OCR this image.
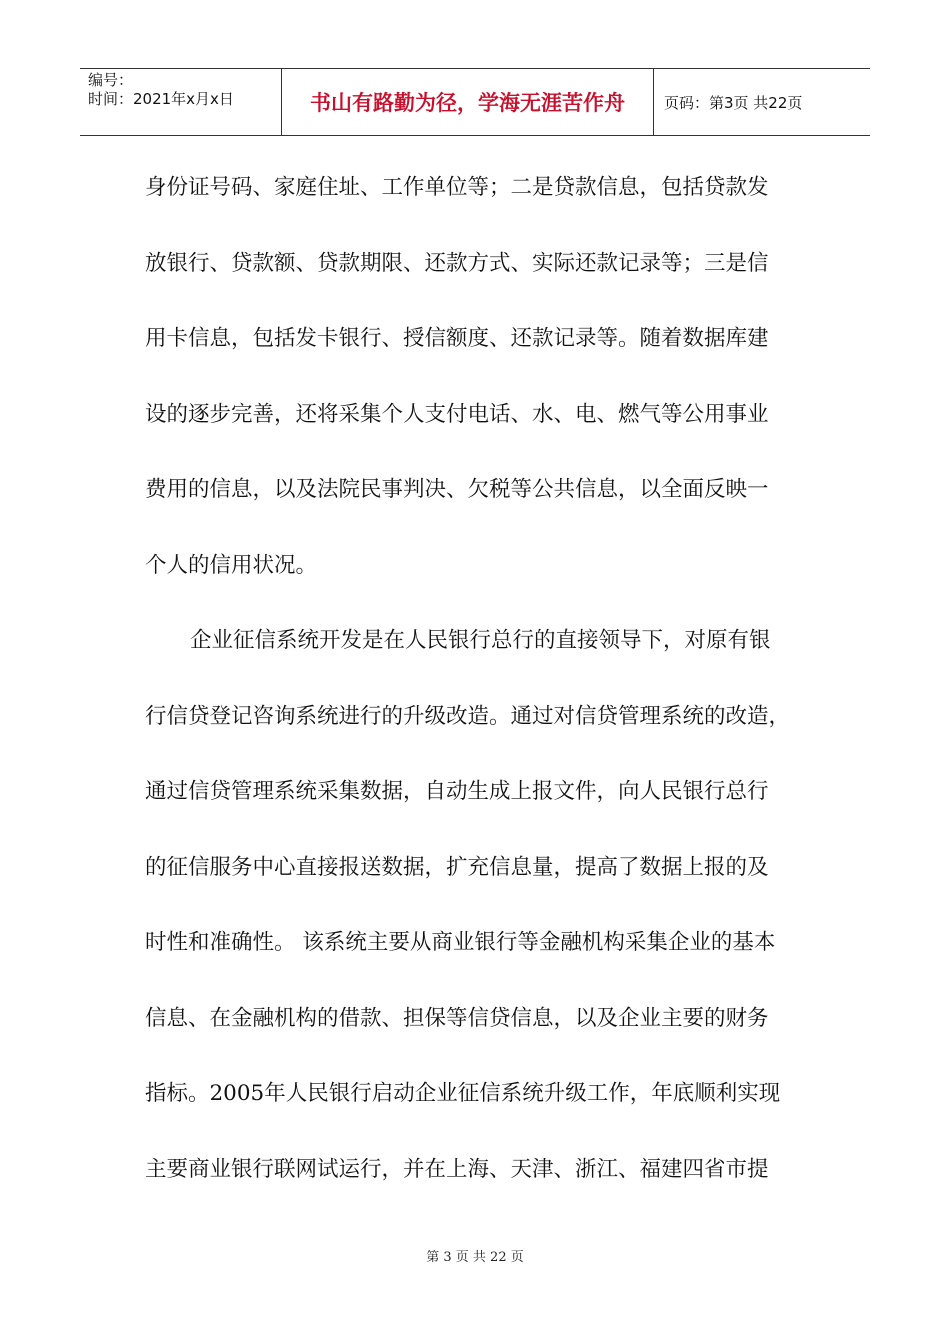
编号：
时间：2021年x月x日	书山有路勤为径，学海无涯苦作舟	页码：第3页 共22页
身份证号码、家庭住址、工作单位等；二是贷款信息，包括贷款发
放银行、贷款额、贷款期限、还款方式、实际还款记录等；三是信
用卡信息，包括发卡银行、授信额度、还款记录等。随着数据库建
设的逐步完善，还将采集个人支付电话、水、电、燃气等公用事业
费用的信息，以及法院民事判决、欠税等公共信息，以全面反映一
个人的信用状况。
企业征信系统开发是在人民银行总行的直接领导下，对原有银
行信贷登记咨询系统进行的升级改造。通过对信贷管理系统的改造，
通过信贷管理系统采集数据，自动生成上报文件，向人民银行总行
的征信服务中心直接报送数据，扩充信息量，提高了数据上报的及
时性和准确性。 该系统主要从商业银行等金融机构采集企业的基本
信息、在金融机构的借款、担保等信贷信息，以及企业主要的财务
指标。2005年人民银行启动企业征信系统升级工作，年底顺利实现
主要商业银行联网试运行，并在上海、天津、浙江、福建四省市提
第 3 页 共 22 页
